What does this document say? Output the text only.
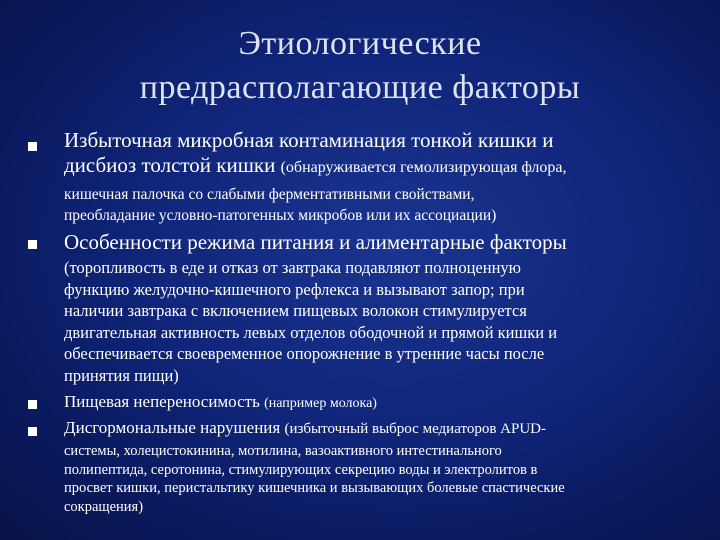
Этиологические
предрасполагающие факторы
Избыточная микробная контаминация тонкой кишки и
дисбиоз толстой кишки (обнаруживается гемолизирующая флора,
кишечная палочка со слабыми ферментативными свойствами,
преобладание условно-патогенных микробов или их ассоциации)
Особенности режима питания и алиментарные факторы
(торопливость в еде и отказ от завтрака подавляют полноценную
функцию желудочно-кишечного рефлекса и вызывают запор; при
наличии завтрака с включением пищевых волокон стимулируется
двигательная активность левых отделов ободочной и прямой кишки и
обеспечивается своевременное опорожнение в утренние часы после
принятия пищи)
Пищевая непереносимость (например молока)
Дисгормональные нарушения (избыточный выброс медиаторов APUD-
системы, холецистокинина, мотилина, вазоактивного интестинального
полипептида, серотонина, стимулирующих секрецию воды и электролитов в
просвет кишки, перистальтику кишечника и вызывающих болевые спастические
сокращения)
